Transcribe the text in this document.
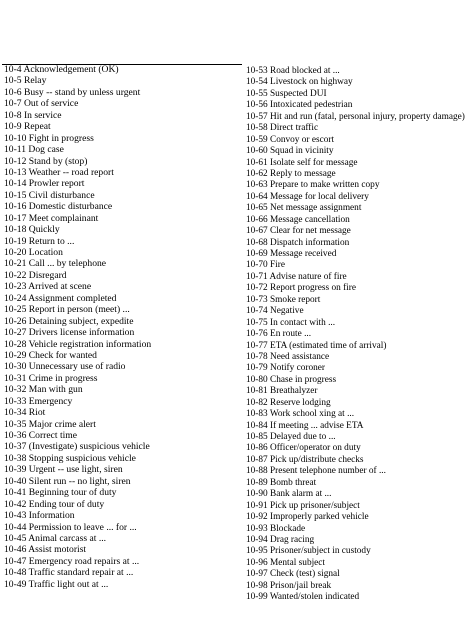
10-4 Acknowledgement (OK)
10-5 Relay
10-6 Busy -- stand by unless urgent
10-7 Out of service
10-8 In service
10-9 Repeat
10-10 Fight in progress
10-11 Dog case
10-12 Stand by (stop)
10-13 Weather -- road report
10-14 Prowler report
10-15 Civil disturbance
10-16 Domestic disturbance
10-17 Meet complainant
10-18 Quickly
10-19 Return to ...
10-20 Location
10-21 Call ... by telephone
10-22 Disregard
10-23 Arrived at scene
10-24 Assignment completed
10-25 Report in person (meet) ...
10-26 Detaining subject, expedite
10-27 Drivers license information
10-28 Vehicle registration information
10-29 Check for wanted
10-30 Unnecessary use of radio
10-31 Crime in progress
10-32 Man with gun
10-33 Emergency
10-34 Riot
10-35 Major crime alert
10-36 Correct time
10-37 (Investigate) suspicious vehicle
10-38 Stopping suspicious vehicle
10-39 Urgent -- use light, siren
10-40 Silent run -- no light, siren
10-41 Beginning tour of duty
10-42 Ending tour of duty
10-43 Information
10-44 Permission to leave ... for ...
10-45 Animal carcass at ...
10-46 Assist motorist
10-47 Emergency road repairs at ...
10-48 Traffic standard repair at ...
10-49 Traffic light out at ...
10-53 Road blocked at ...
10-54 Livestock on highway
10-55 Suspected DUI
10-56 Intoxicated pedestrian
10-57 Hit and run (fatal, personal injury, property damage)
10-58 Direct traffic
10-59 Convoy or escort
10-60 Squad in vicinity
10-61 Isolate self for message
10-62 Reply to message
10-63 Prepare to make written copy
10-64 Message for local delivery
10-65 Net message assignment
10-66 Message cancellation
10-67 Clear for net message
10-68 Dispatch information
10-69 Message received
10-70 Fire
10-71 Advise nature of fire
10-72 Report progress on fire
10-73 Smoke report
10-74 Negative
10-75 In contact with ...
10-76 En route ...
10-77 ETA (estimated time of arrival)
10-78 Need assistance
10-79 Notify coroner
10-80 Chase in progress
10-81 Breathalyzer
10-82 Reserve lodging
10-83 Work school xing at ...
10-84 If meeting ... advise ETA
10-85 Delayed due to ...
10-86 Officer/operator on duty
10-87 Pick up/distribute checks
10-88 Present telephone number of ...
10-89 Bomb threat
10-90 Bank alarm at ...
10-91 Pick up prisoner/subject
10-92 Improperly parked vehicle
10-93 Blockade
10-94 Drag racing
10-95 Prisoner/subject in custody
10-96 Mental subject
10-97 Check (test) signal
10-98 Prison/jail break
10-99 Wanted/stolen indicated
